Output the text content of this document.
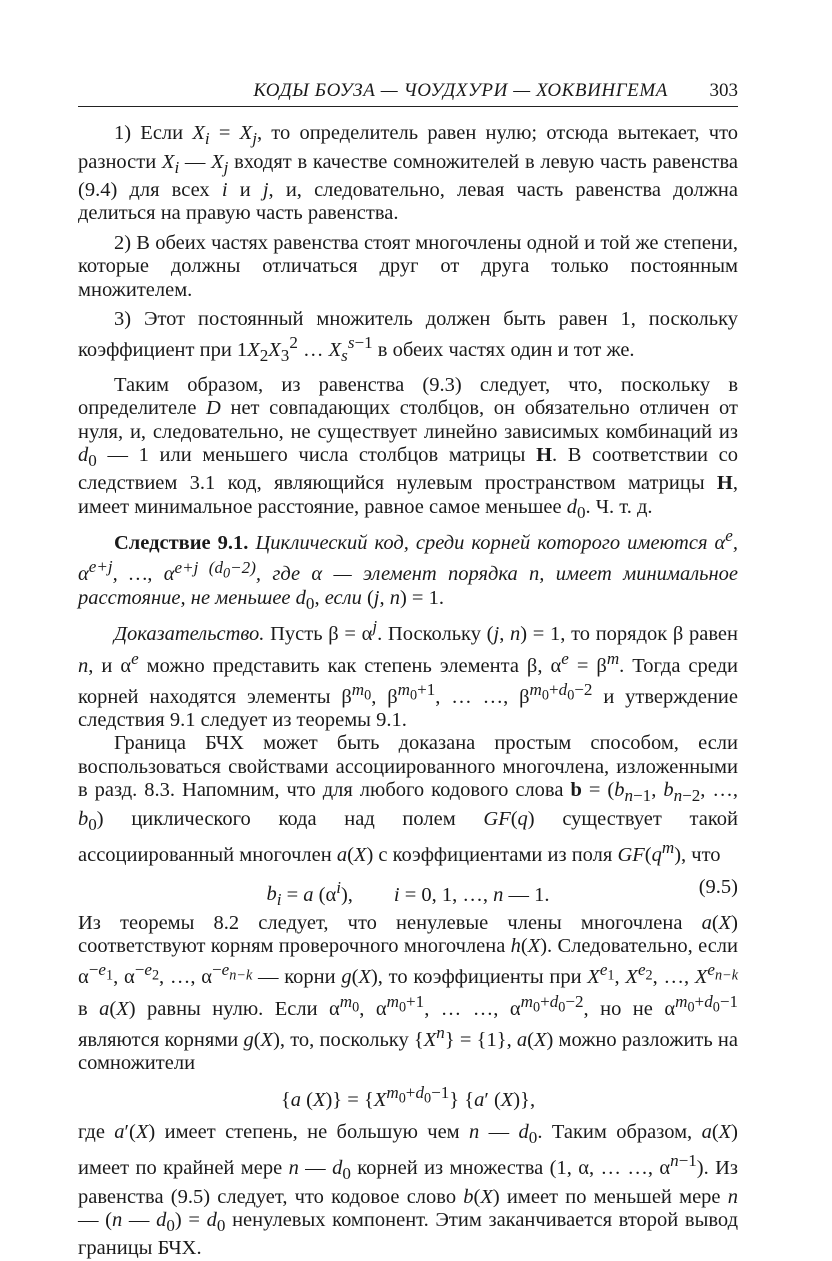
КОДЫ БОУЗА — ЧОУДХУРИ — ХОКВИНГЕМА 303

1) Если $X_i = X_j$, то определитель равен нулю; отсюда вытекает, что разности $X_i$ — $X_j$ входят в качестве сомножителей в левую часть равенства (9.4) для всех i и j, и, следовательно, левая часть равенства должна делиться на правую часть равенства.

2) В обеих частях равенства стоят многочлены одной и той же степени, которые должны отличаться друг от друга только постоянным множителем.

3) Этот постоянный множитель должен быть равен 1, поскольку коэффициент при $1X_2X_3^2$ … $X_s^{s-1}$ в обеих частях один и тот же.

Таким образом, из равенства (9.3) следует, что, поскольку в определителе D нет совпадающих столбцов, он обязательно отличен от нуля, и, следовательно, не существует линейно зависимых комбинаций из $d_0$ — 1 или меньшего числа столбцов матрицы H. В соответствии со следствием 3.1 код, являющийся нулевым пространством матрицы H, имеет минимальное расстояние, равное самое меньшее $d_0$. Ч. т. д.

Следствие 9.1. Циклический код, среди корней которого имеются $\alpha^e$, $\alpha^{e+j}$, …, $\alpha^{e+j (d_0-2)}$, где α — элемент порядка n, имеет минимальное расстояние, не меньшее $d_0$, если (j, n) = 1.

Доказательство. Пусть $\beta = \alpha^j$. Поскольку (j, n) = 1, то порядок β равен n, и $\alpha^e$ можно представить как степень элемента β, $\alpha^e = \beta^m$. Тогда среди корней находятся элементы $\beta^{m_0}$, $\beta^{m_0+1}$, … …, $\beta^{m_0+d_0-2}$ и утверждение следствия 9.1 следует из теоремы 9.1.

Граница БЧХ может быть доказана простым способом, если воспользоваться свойствами ассоциированного многочлена, изложенными в разд. 8.3. Напомним, что для любого кодового слова $b = (b_{n-1}$, $b_{n-2}$, …, $b_0$) циклического кода над полем GF(q) существует такой ассоциированный многочлен a(X) с коэффициентами из поля $GF(q^m)$, что

$b_i = a$ $(\alpha^i)$,        i = 0, 1, …, n — 1.	(9.5)

Из теоремы 8.2 следует, что ненулевые члены многочлена a(X) соответствуют корням проверочного многочлена h(X). Следовательно, если $\alpha^{-e_1}$, $\alpha^{-e_2}$, …, $\alpha^{-e_{n-k}}$ — корни g(X), то коэффициенты при $X^{e_1}$, $X^{e_2}$, …, $X^{e_{n-k}}$ в a(X) равны нулю. Если $\alpha^{m_0}$, $\alpha^{m_0+1}$, … …, $\alpha^{m_0+d_0-2}$, но не $\alpha^{m_0+d_0-1}$ являются корнями g(X), то, поскольку $\{X^n\} = \{1\}$, a(X) можно разложить на сомножители

{a $(X)\} = \{X^{m_0+d_0-1}\}$ {a′ (X)},

где a′(X) имеет степень, не большую чем n — $d_0$. Таким образом, a(X) имеет по крайней мере n — $d_0$ корней из множества (1, α, … …, $\alpha^{n-1}$). Из равенства (9.5) следует, что кодовое слово b(X) имеет по меньшей мере n — (n — $d_0) = d_0$ ненулевых компонент. Этим заканчивается второй вывод границы БЧХ.
